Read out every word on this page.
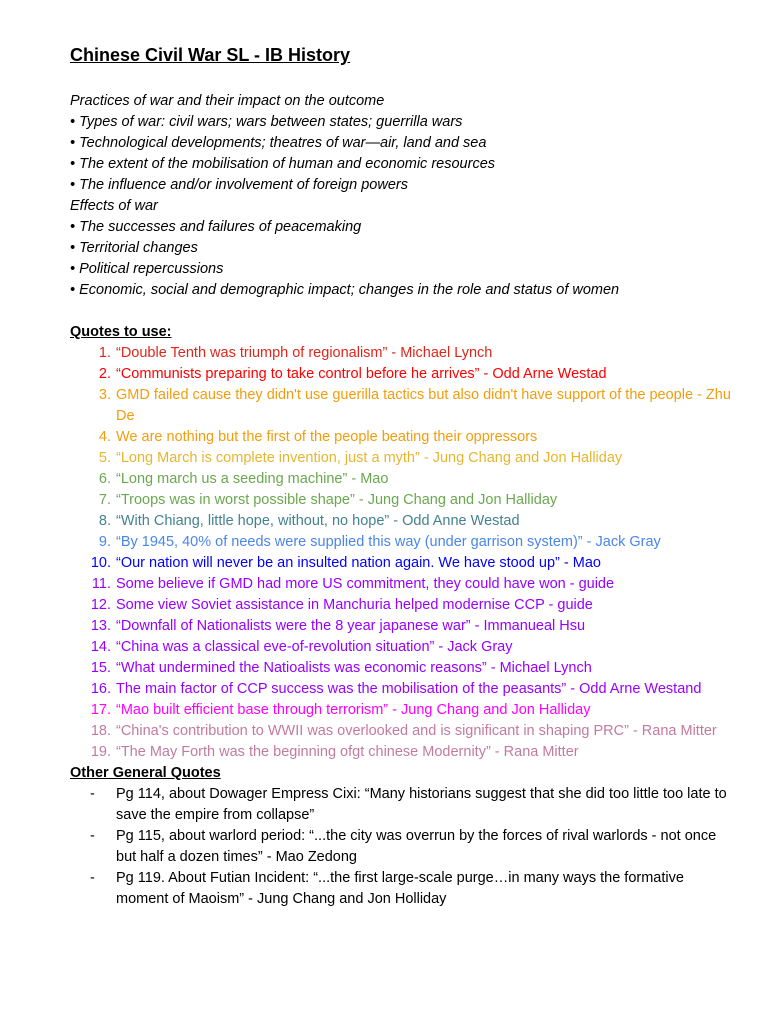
Chinese Civil War SL - IB History
Practices of war and their impact on the outcome
• Types of war: civil wars; wars between states; guerrilla wars
• Technological developments; theatres of war—air, land and sea
• The extent of the mobilisation of human and economic resources
• The influence and/or involvement of foreign powers
Effects of war
• The successes and failures of peacemaking
• Territorial changes
• Political repercussions
• Economic, social and demographic impact; changes in the role and status of women
Quotes to use:
1. “Double Tenth was triumph of regionalism” - Michael Lynch
2. “Communists preparing to take control before he arrives” - Odd Arne Westad
3. GMD failed cause they didn't use guerilla tactics but also didn't have support of the people - Zhu De
4. We are nothing but the first of the people beating their oppressors
5. “Long March is complete invention, just a myth” - Jung Chang and Jon Halliday
6. “Long march us a seeding machine” - Mao
7. “Troops was in worst possible shape” - Jung Chang and Jon Halliday
8. “With Chiang, little hope, without, no hope” - Odd Anne Westad
9. “By 1945, 40% of needs were supplied this way (under garrison system)” - Jack Gray
10. “Our nation will never be an insulted nation again. We have stood up” - Mao
11. Some believe if GMD had more US commitment, they could have won - guide
12. Some view Soviet assistance in Manchuria helped modernise CCP - guide
13. “Downfall of Nationalists were the 8 year japanese war” - Immanueal Hsu
14. “China was a classical eve-of-revolution situation” - Jack Gray
15. “What undermined the Natioalists was economic reasons” - Michael Lynch
16. The main factor of CCP success was the mobilisation of the peasants” - Odd Arne Westand
17. “Mao built efficient base through terrorism” - Jung Chang and Jon Halliday
18. “China's contribution to WWII was overlooked and is significant in shaping PRC” - Rana Mitter
19. “The May Forth was the beginning ofgt chinese Modernity” - Rana Mitter
Other General Quotes
-	Pg 114, about Dowager Empress Cixi: “Many historians suggest that she did too little too late to save the empire from collapse”
-	Pg 115, about warlord period: “...the city was overrun by the forces of rival warlords - not once but half a dozen times” - Mao Zedong
-	Pg 119. About Futian Incident: “...the first large-scale purge…in many ways the formative moment of Maoism” - Jung Chang and Jon Holliday
